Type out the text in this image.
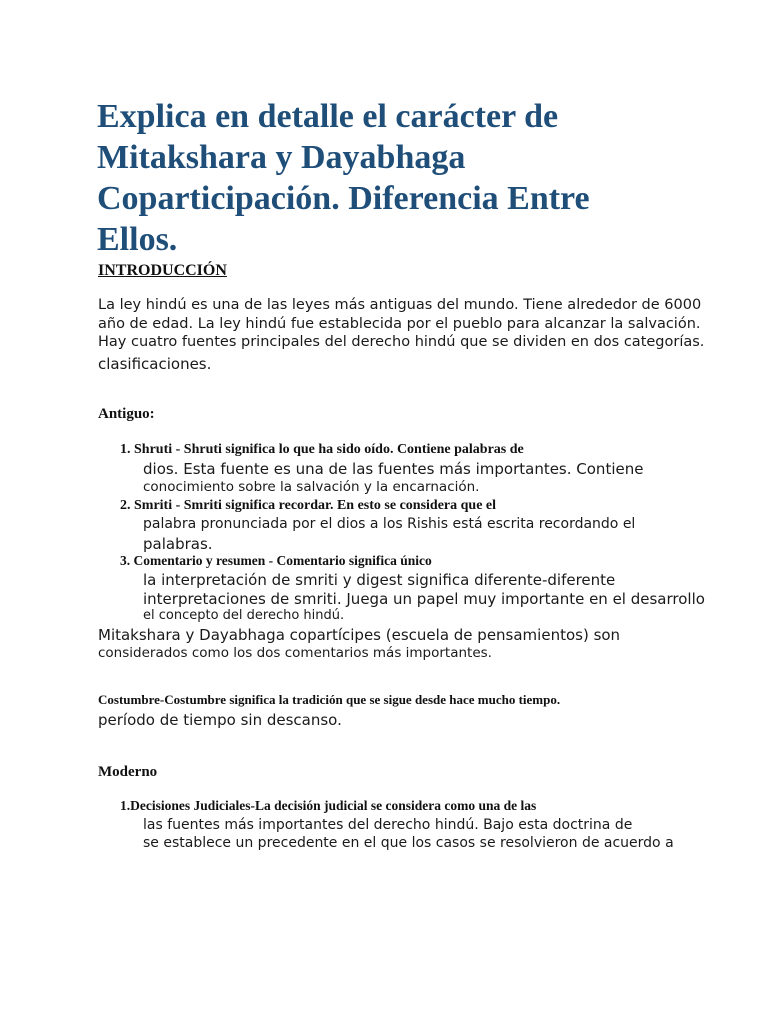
Explica en detalle el carácter de
Mitakshara y Dayabhaga
Coparticipación. Diferencia Entre
Ellos.
INTRODUCCIÓN
La ley hindú es una de las leyes más antiguas del mundo. Tiene alrededor de 6000
año de edad. La ley hindú fue establecida por el pueblo para alcanzar la salvación.
Hay cuatro fuentes principales del derecho hindú que se dividen en dos categorías.
clasificaciones.
Antiguo:
1. Shruti - Shruti significa lo que ha sido oído. Contiene palabras de
dios. Esta fuente es una de las fuentes más importantes. Contiene
conocimiento sobre la salvación y la encarnación.
2. Smriti - Smriti significa recordar. En esto se considera que el
palabra pronunciada por el dios a los Rishis está escrita recordando el
palabras.
3. Comentario y resumen - Comentario significa único
la interpretación de smriti y digest significa diferente-diferente
interpretaciones de smriti. Juega un papel muy importante en el desarrollo
el concepto del derecho hindú.
Mitakshara y Dayabhaga copartícipes (escuela de pensamientos) son
considerados como los dos comentarios más importantes.
Costumbre-Costumbre significa la tradición que se sigue desde hace mucho tiempo.
período de tiempo sin descanso.
Moderno
1.Decisiones Judiciales-La decisión judicial se considera como una de las
las fuentes más importantes del derecho hindú. Bajo esta doctrina de
se establece un precedente en el que los casos se resolvieron de acuerdo a
